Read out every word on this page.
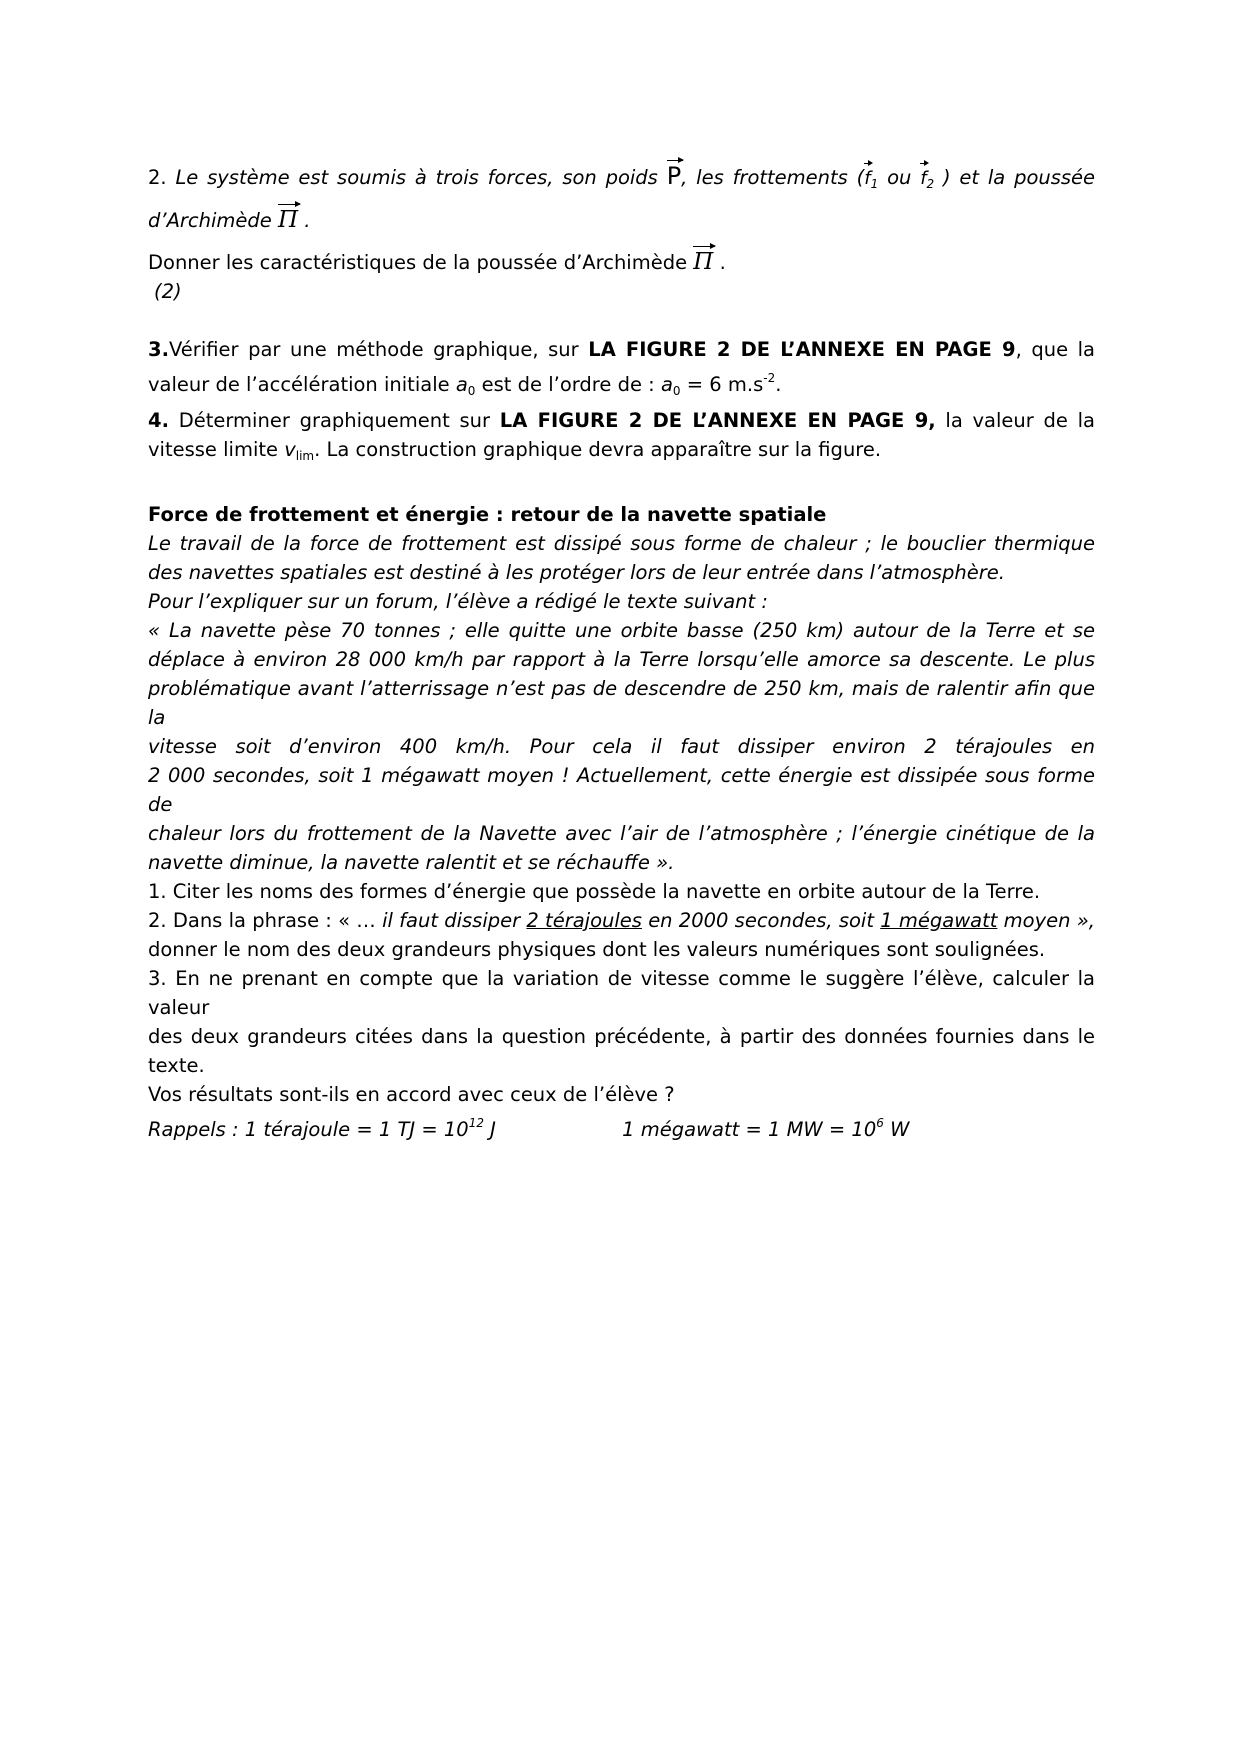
2. Le système est soumis à trois forces, son poids P, les frottements ($f_1$ ou $f_2$ ) et la poussée
d’Archimède Π .
Donner les caractéristiques de la poussée d’Archimède Π .
(2)
3.Vérifier par une méthode graphique, sur LA FIGURE 2 DE L’ANNEXE EN PAGE 9, que la
valeur de l’accélération initiale $a_0$ est de l’ordre de : $a_0 = 6$ $m.s^{-2}$.
4. Déterminer graphiquement sur LA FIGURE 2 DE L’ANNEXE EN PAGE 9, la valeur de la
vitesse limite $v_{lim}$. La construction graphique devra apparaître sur la figure.
Force de frottement et énergie : retour de la navette spatiale
Le travail de la force de frottement est dissipé sous forme de chaleur ; le bouclier thermique
des navettes spatiales est destiné à les protéger lors de leur entrée dans l’atmosphère.
Pour l’expliquer sur un forum, l’élève a rédigé le texte suivant :
« La navette pèse 70 tonnes ; elle quitte une orbite basse (250 km) autour de la Terre et se
déplace à environ 28 000 km/h par rapport à la Terre lorsqu’elle amorce sa descente. Le plus
problématique avant l’atterrissage n’est pas de descendre de 250 km, mais de ralentir afin que la
vitesse soit d’environ 400 km/h. Pour cela il faut dissiper environ 2 térajoules en
2 000 secondes, soit 1 mégawatt moyen ! Actuellement, cette énergie est dissipée sous forme de
chaleur lors du frottement de la Navette avec l’air de l’atmosphère ; l’énergie cinétique de la
navette diminue, la navette ralentit et se réchauffe ».
1. Citer les noms des formes d’énergie que possède la navette en orbite autour de la Terre.
2. Dans la phrase : « … il faut dissiper 2 térajoules en 2000 secondes, soit 1 mégawatt moyen »,
donner le nom des deux grandeurs physiques dont les valeurs numériques sont soulignées.
3. En ne prenant en compte que la variation de vitesse comme le suggère l’élève, calculer la valeur
des deux grandeurs citées dans la question précédente, à partir des données fournies dans le
texte.
Vos résultats sont-ils en accord avec ceux de l’élève ?
Rappels : 1 térajoule = 1 TJ = $10^{12}$ J	1 mégawatt = 1 MW = $10^6$ W
